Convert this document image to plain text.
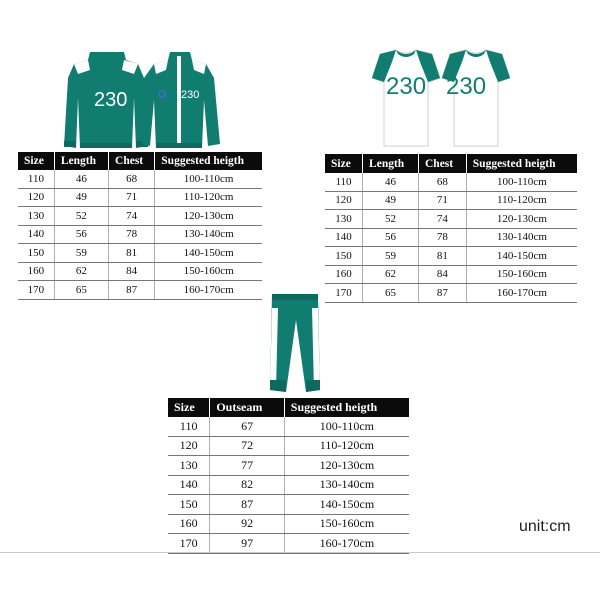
230	O 230	230 230
Size	Length	Chest	Suggested heigth
110	46	68	100-110cm
120	49	71	110-120cm
130	52	74	120-130cm
140	56	78	130-140cm
150	59	81	140-150cm
160	62	84	150-160cm
170	65	87	160-170cm
Size	Length	Chest	Suggested heigth
110	46	68	100-110cm
120	49	71	110-120cm
130	52	74	120-130cm
140	56	78	130-140cm
150	59	81	140-150cm
160	62	84	150-160cm
170	65	87	160-170cm
Size	Outseam	Suggested heigth
110	67	100-110cm
120	72	110-120cm
130	77	120-130cm
140	82	130-140cm
150	87	140-150cm
160	92	150-160cm
170	97	160-170cm
unit:cm
